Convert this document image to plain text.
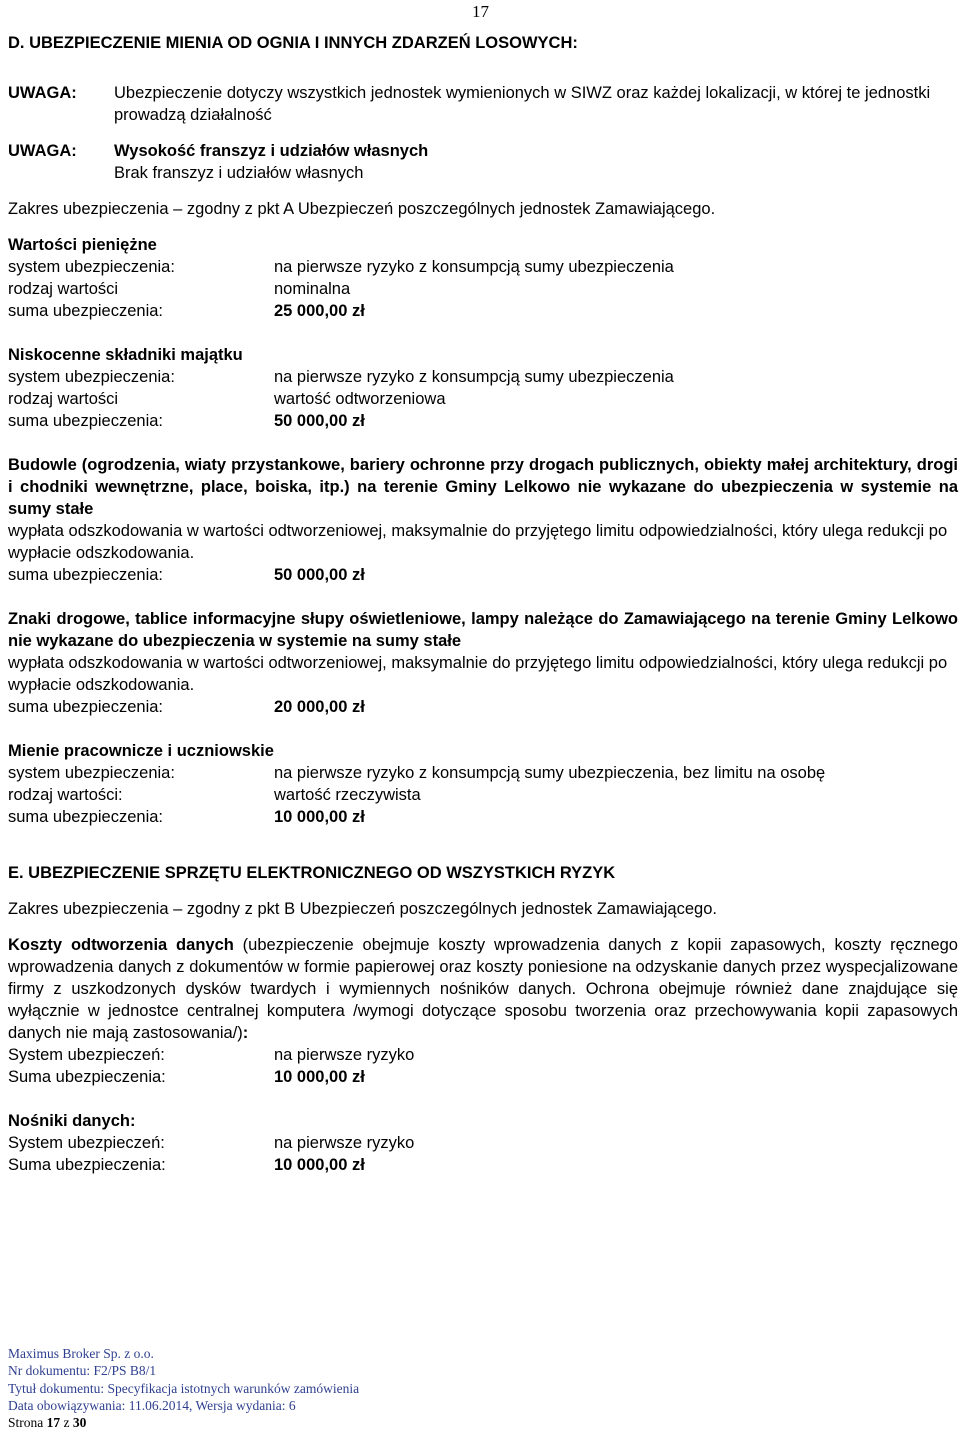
17
D. UBEZPIECZENIE MIENIA OD OGNIA I INNYCH ZDARZEŃ LOSOWYCH:
UWAGA:	Ubezpieczenie dotyczy wszystkich jednostek wymienionych w SIWZ oraz każdej lokalizacji, w której te jednostki prowadzą działalność
UWAGA:	Wysokość franszyz i udziałów własnych
Brak franszyz i udziałów własnych
Zakres ubezpieczenia – zgodny z pkt A Ubezpieczeń poszczególnych jednostek Zamawiającego.
Wartości pieniężne
system ubezpieczenia:	na pierwsze ryzyko z konsumpcją sumy ubezpieczenia
rodzaj wartości	nominalna
suma ubezpieczenia:	25 000,00 zł
Niskocenne składniki majątku
system ubezpieczenia:	na pierwsze ryzyko z konsumpcją sumy ubezpieczenia
rodzaj wartości	wartość odtworzeniowa
suma ubezpieczenia:	50 000,00 zł
Budowle (ogrodzenia, wiaty przystankowe, bariery ochronne przy drogach publicznych, obiekty małej architektury, drogi i chodniki wewnętrzne, place, boiska, itp.) na terenie Gminy Lelkowo nie wykazane do ubezpieczenia w systemie na sumy stałe
wypłata odszkodowania w wartości odtworzeniowej, maksymalnie do przyjętego limitu odpowiedzialności, który ulega redukcji po wypłacie odszkodowania.
suma ubezpieczenia:	50 000,00 zł
Znaki drogowe, tablice informacyjne słupy oświetleniowe, lampy należące do Zamawiającego na terenie Gminy Lelkowo nie wykazane do ubezpieczenia w systemie na sumy stałe
wypłata odszkodowania w wartości odtworzeniowej, maksymalnie do przyjętego limitu odpowiedzialności, który ulega redukcji po wypłacie odszkodowania.
suma ubezpieczenia:	20 000,00 zł
Mienie pracownicze i uczniowskie
system ubezpieczenia:	na pierwsze ryzyko z konsumpcją sumy ubezpieczenia, bez limitu na osobę
rodzaj wartości:	wartość rzeczywista
suma ubezpieczenia:	10 000,00 zł
E. UBEZPIECZENIE SPRZĘTU ELEKTRONICZNEGO OD WSZYSTKICH RYZYK
Zakres ubezpieczenia – zgodny z pkt B Ubezpieczeń poszczególnych jednostek Zamawiającego.
Koszty odtworzenia danych (ubezpieczenie obejmuje koszty wprowadzenia danych z kopii zapasowych, koszty ręcznego wprowadzenia danych z dokumentów w formie papierowej oraz koszty poniesione na odzyskanie danych przez wyspecjalizowane firmy z uszkodzonych dysków twardych i wymiennych nośników danych. Ochrona obejmuje również dane znajdujące się wyłącznie w jednostce centralnej komputera /wymogi dotyczące sposobu tworzenia oraz przechowywania kopii zapasowych danych nie mają zastosowania/):
System ubezpieczeń:	na pierwsze ryzyko
Suma ubezpieczenia:	10 000,00 zł
Nośniki danych:
System ubezpieczeń:	na pierwsze ryzyko
Suma ubezpieczenia:	10 000,00 zł
Maximus Broker Sp. z o.o.
Nr dokumentu: F2/PS B8/1
Tytuł dokumentu: Specyfikacja istotnych warunków zamówienia
Data obowiązywania: 11.06.2014, Wersja wydania: 6
Strona 17 z 30
